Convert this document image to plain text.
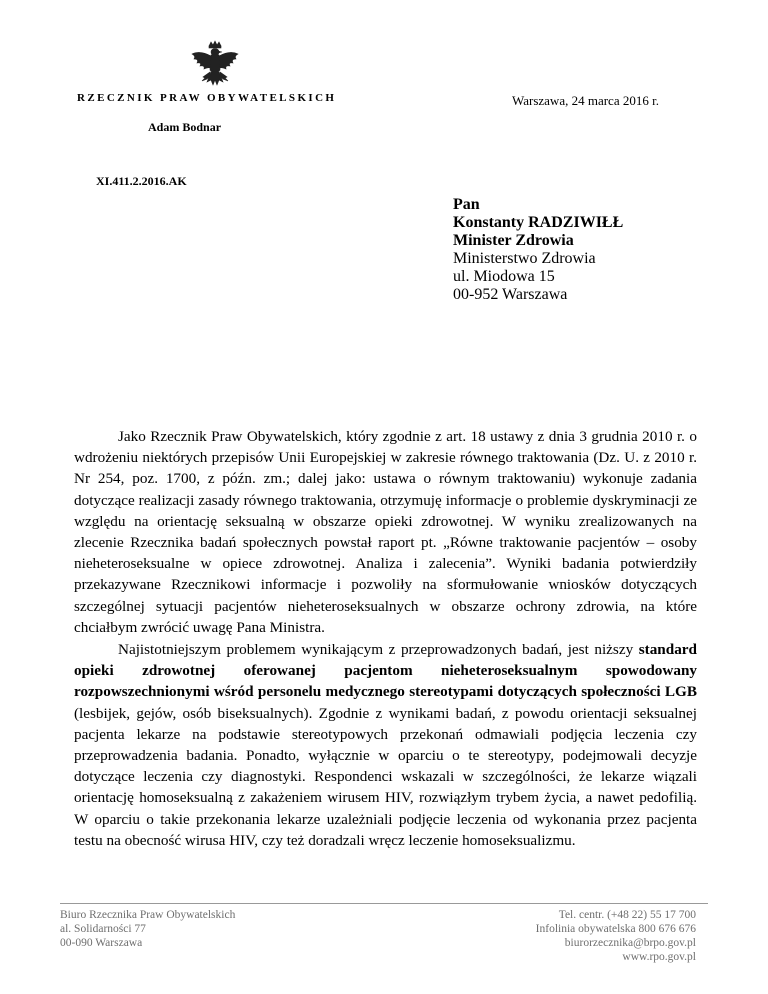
RZECZNIK PRAW OBYWATELSKICH
Adam Bodnar
Warszawa, 24 marca 2016 r.
XI.411.2.2016.AK
Pan
Konstanty RADZIWIŁŁ
Minister Zdrowia
Ministerstwo Zdrowia
ul. Miodowa 15
00-952 Warszawa

Jako Rzecznik Praw Obywatelskich, który zgodnie z art. 18 ustawy z dnia 3 grudnia 2010 r. o wdrożeniu niektórych przepisów Unii Europejskiej w zakresie równego traktowania (Dz. U. z 2010 r. Nr 254, poz. 1700, z późn. zm.; dalej jako: ustawa o równym traktowaniu) wykonuje zadania dotyczące realizacji zasady równego traktowania, otrzymuję informacje o problemie dyskryminacji ze względu na orientację seksualną w obszarze opieki zdrowotnej. W wyniku zrealizowanych na zlecenie Rzecznika badań społecznych powstał raport pt. „Równe traktowanie pacjentów – osoby nieheteroseksualne w opiece zdrowotnej. Analiza i zalecenia”. Wyniki badania potwierdziły przekazywane Rzecznikowi informacje i pozwoliły na sformułowanie wniosków dotyczących szczególnej sytuacji pacjentów nieheteroseksualnych w obszarze ochrony zdrowia, na które chciałbym zwrócić uwagę Pana Ministra.

Najistotniejszym problemem wynikającym z przeprowadzonych badań, jest niższy standard opieki zdrowotnej oferowanej pacjentom nieheteroseksualnym spowodowany rozpowszechnionymi wśród personelu medycznego stereotypami dotyczących społeczności LGB (lesbijek, gejów, osób biseksualnych). Zgodnie z wynikami badań, z powodu orientacji seksualnej pacjenta lekarze na podstawie stereotypowych przekonań odmawiali podjęcia leczenia czy przeprowadzenia badania. Ponadto, wyłącznie w oparciu o te stereotypy, podejmowali decyzje dotyczące leczenia czy diagnostyki. Respondenci wskazali w szczególności, że lekarze wiązali orientację homoseksualną z zakażeniem wirusem HIV, rozwiązłym trybem życia, a nawet pedofilią. W oparciu o takie przekonania lekarze uzależniali podjęcie leczenia od wykonania przez pacjenta testu na obecność wirusa HIV, czy też doradzali wręcz leczenie homoseksualizmu.

Biuro Rzecznika Praw Obywatelskich
al. Solidarności 77
00-090 Warszawa
Tel. centr. (+48 22) 55 17 700
Infolinia obywatelska 800 676 676
biurorzecznika@brpo.gov.pl
www.rpo.gov.pl
